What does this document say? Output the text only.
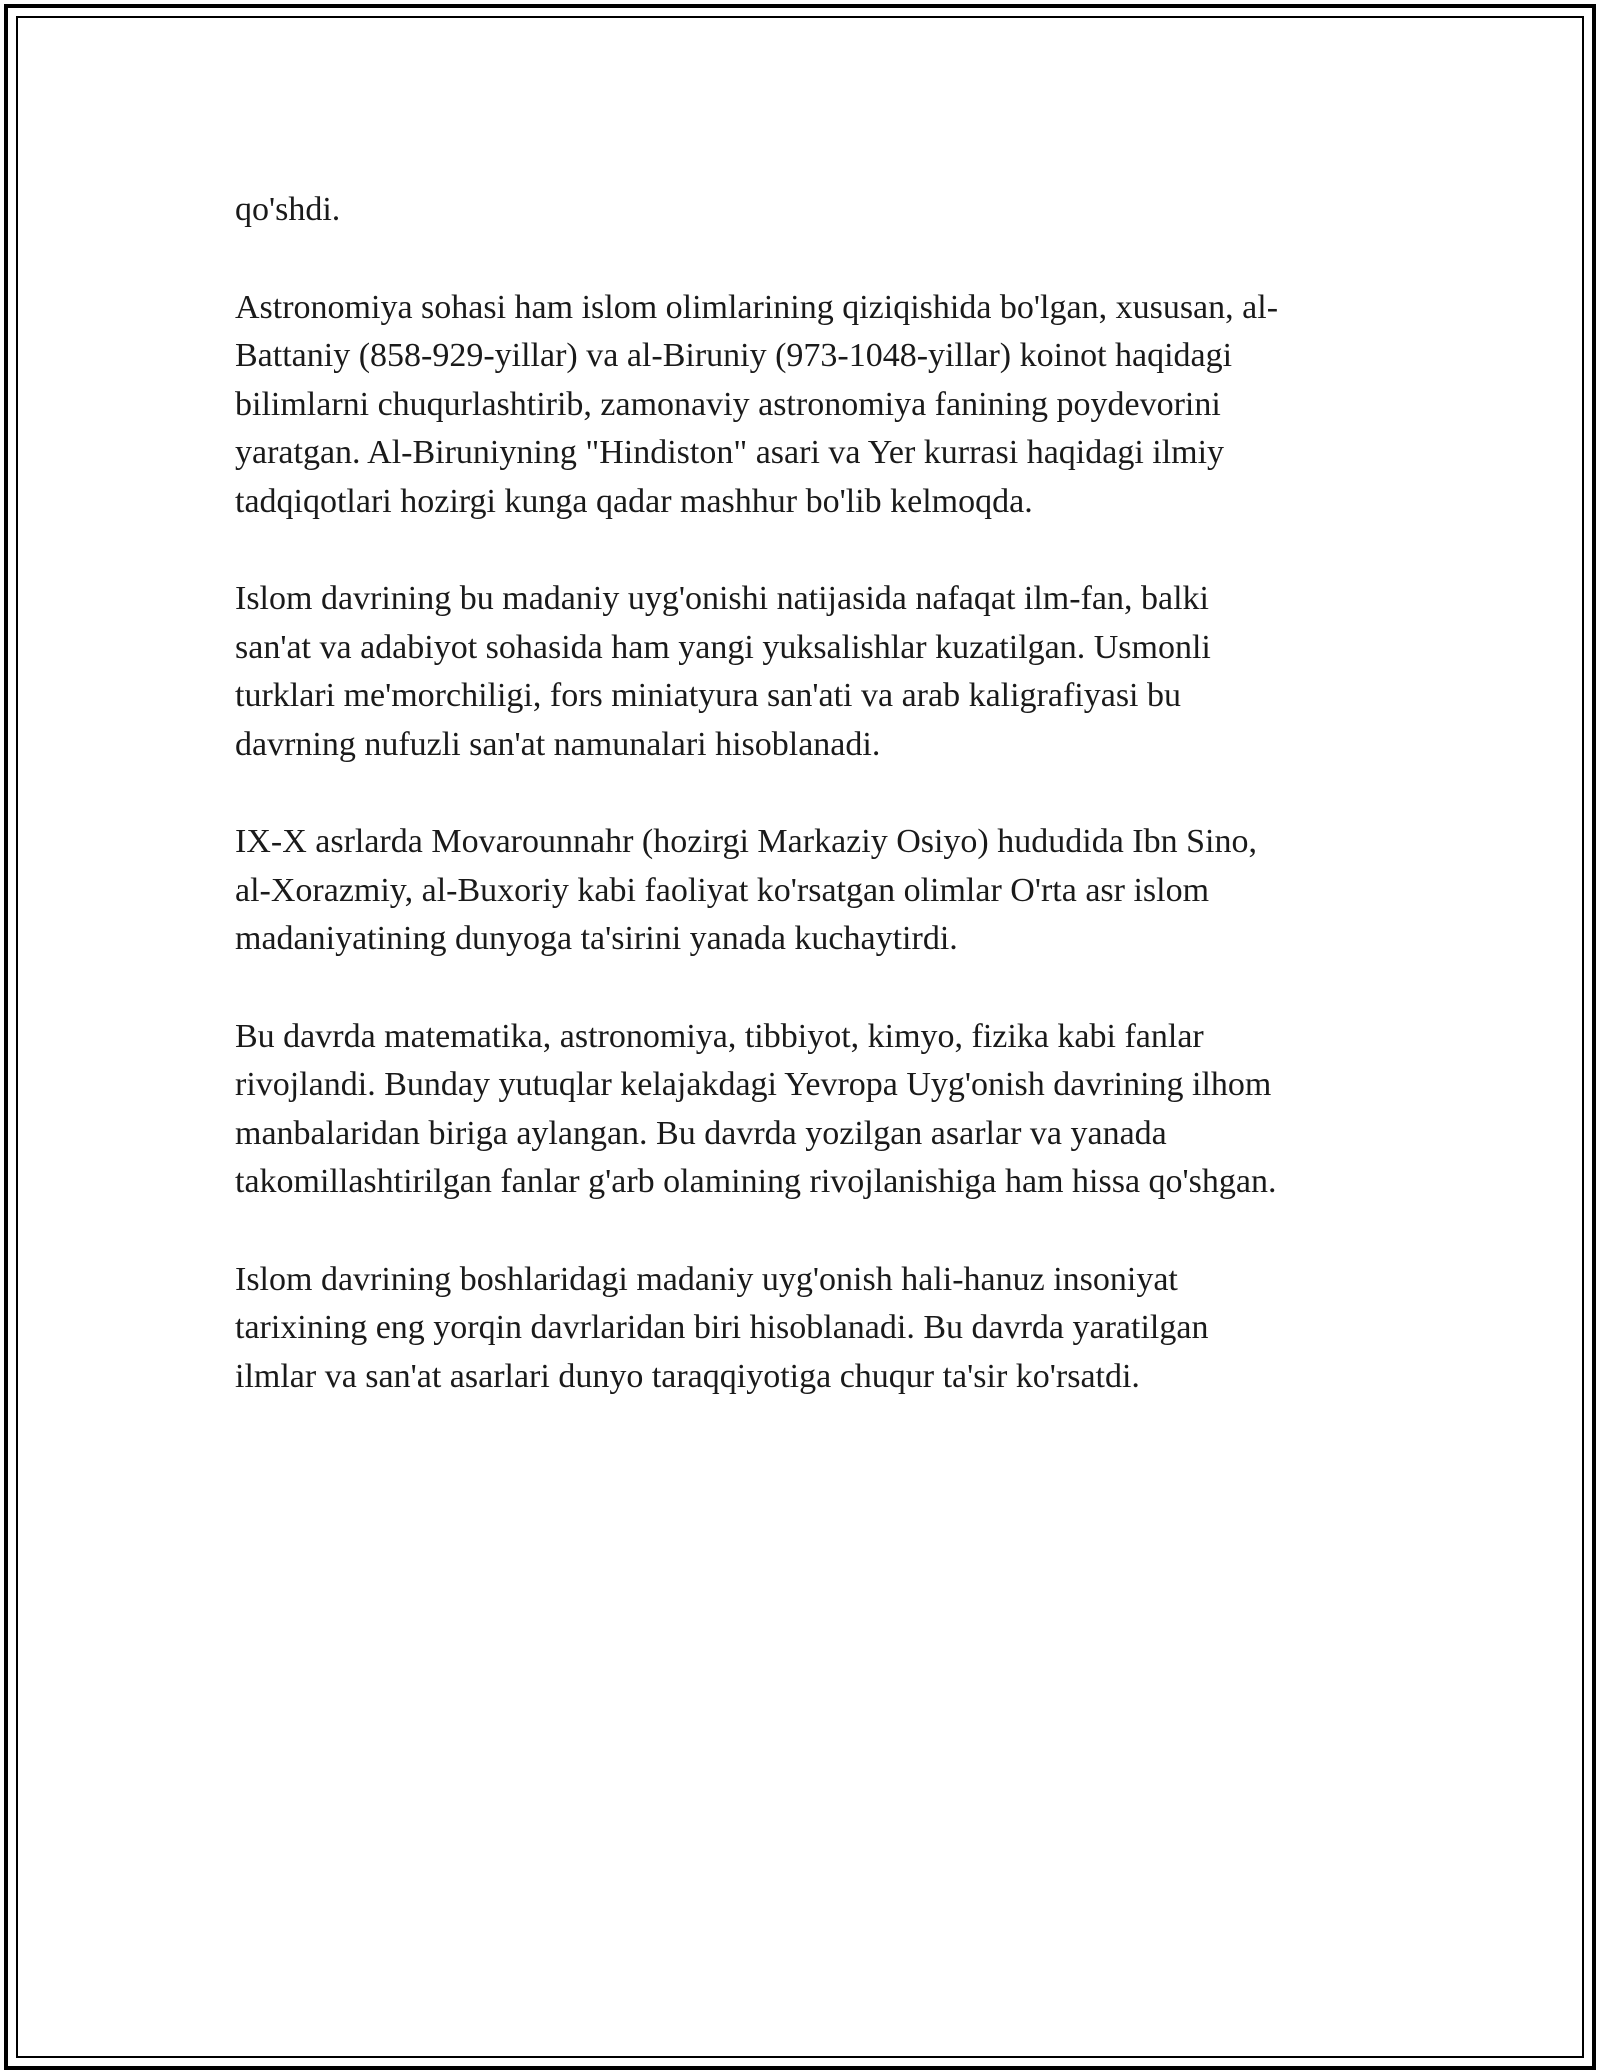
qo'shdi.

Astronomiya sohasi ham islom olimlarining qiziqishida bo'lgan, xususan, al-
Battaniy (858-929-yillar) va al-Biruniy (973-1048-yillar) koinot haqidagi
bilimlarni chuqurlashtirib, zamonaviy astronomiya fanining poydevorini
yaratgan. Al-Biruniyning "Hindiston" asari va Yer kurrasi haqidagi ilmiy
tadqiqotlari hozirgi kunga qadar mashhur bo'lib kelmoqda.

Islom davrining bu madaniy uyg'onishi natijasida nafaqat ilm-fan, balki
san'at va adabiyot sohasida ham yangi yuksalishlar kuzatilgan. Usmonli
turklari me'morchiligi, fors miniatyura san'ati va arab kaligrafiyasi bu
davrning nufuzli san'at namunalari hisoblanadi.

IX-X asrlarda Movarounnahr (hozirgi Markaziy Osiyo) hududida Ibn Sino,
al-Xorazmiy, al-Buxoriy kabi faoliyat ko'rsatgan olimlar O'rta asr islom
madaniyatining dunyoga ta'sirini yanada kuchaytirdi.

Bu davrda matematika, astronomiya, tibbiyot, kimyo, fizika kabi fanlar
rivojlandi. Bunday yutuqlar kelajakdagi Yevropa Uyg'onish davrining ilhom
manbalaridan biriga aylangan. Bu davrda yozilgan asarlar va yanada
takomillashtirilgan fanlar g'arb olamining rivojlanishiga ham hissa qo'shgan.

Islom davrining boshlaridagi madaniy uyg'onish hali-hanuz insoniyat
tarixining eng yorqin davrlaridan biri hisoblanadi. Bu davrda yaratilgan
ilmlar va san'at asarlari dunyo taraqqiyotiga chuqur ta'sir ko'rsatdi.
